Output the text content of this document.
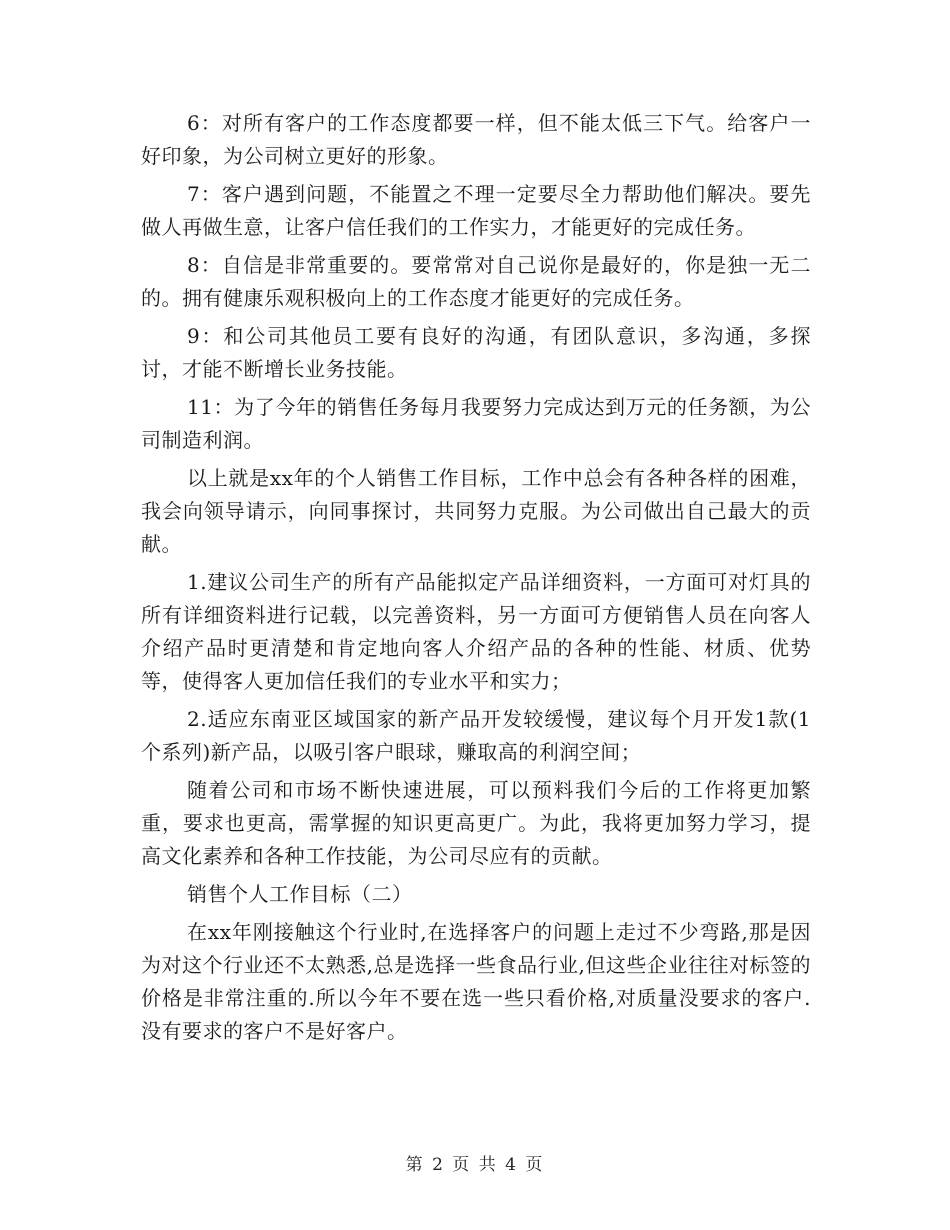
6：对所有客户的工作态度都要一样，但不能太低三下气。给客户一好印象，为公司树立更好的形象。

7：客户遇到问题，不能置之不理一定要尽全力帮助他们解决。要先做人再做生意，让客户信任我们的工作实力，才能更好的完成任务。

8：自信是非常重要的。要常常对自己说你是最好的，你是独一无二的。拥有健康乐观积极向上的工作态度才能更好的完成任务。

9：和公司其他员工要有良好的沟通，有团队意识，多沟通，多探讨，才能不断增长业务技能。

11：为了今年的销售任务每月我要努力完成达到万元的任务额，为公司制造利润。

以上就是xx年的个人销售工作目标，工作中总会有各种各样的困难，我会向领导请示，向同事探讨，共同努力克服。为公司做出自己最大的贡献。

1.建议公司生产的所有产品能拟定产品详细资料，一方面可对灯具的所有详细资料进行记载，以完善资料，另一方面可方便销售人员在向客人介绍产品时更清楚和肯定地向客人介绍产品的各种的性能、材质、优势等，使得客人更加信任我们的专业水平和实力；

2.适应东南亚区域国家的新产品开发较缓慢，建议每个月开发1款(1个系列)新产品，以吸引客户眼球，赚取高的利润空间；

随着公司和市场不断快速进展，可以预料我们今后的工作将更加繁重，要求也更高，需掌握的知识更高更广。为此，我将更加努力学习，提高文化素养和各种工作技能，为公司尽应有的贡献。

销售个人工作目标（二）

在xx年刚接触这个行业时,在选择客户的问题上走过不少弯路,那是因为对这个行业还不太熟悉,总是选择一些食品行业,但这些企业往往对标签的价格是非常注重的.所以今年不要在选一些只看价格,对质量没要求的客户.没有要求的客户不是好客户。

第 2 页 共 4 页
